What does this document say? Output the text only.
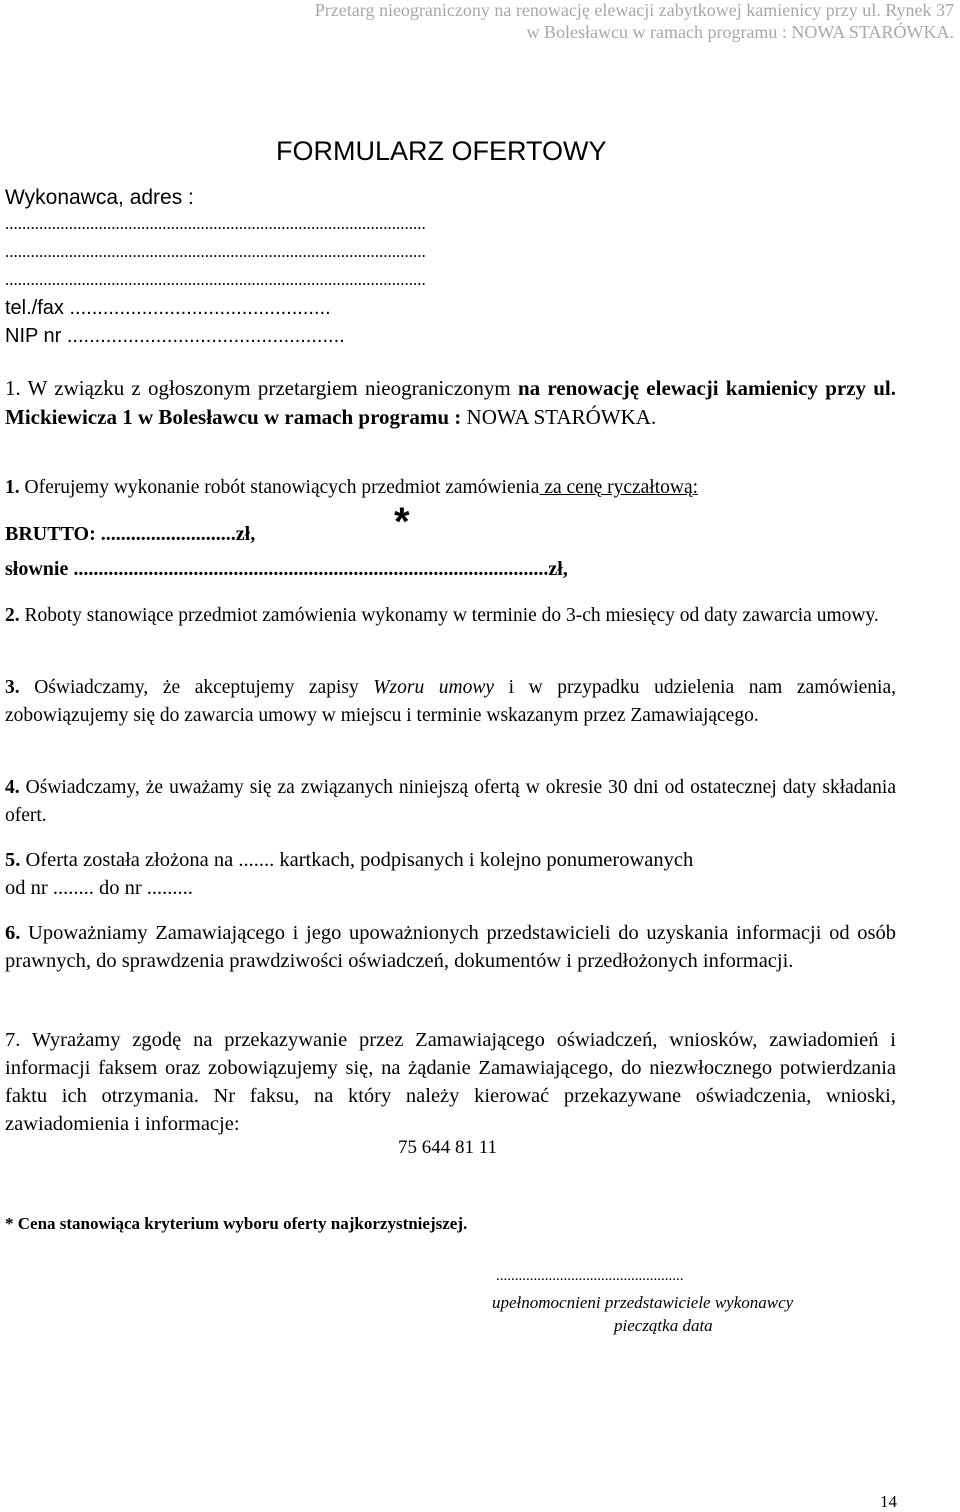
Przetarg nieograniczony na renowację elewacji zabytkowej kamienicy przy ul. Rynek 37
w Bolesławcu w ramach programu : NOWA STARÓWKA.
FORMULARZ OFERTOWY
Wykonawca, adres :
...................................................................................................
...................................................................................................
...................................................................................................
tel./fax ...............................................
NIP nr ..................................................
1. W związku z ogłoszonym przetargiem nieograniczonym na renowację elewacji kamienicy przy ul. Mickiewicza 1 w Bolesławcu w ramach programu : NOWA STARÓWKA.
1. Oferujemy wykonanie robót stanowiących przedmiot zamówienia za cenę ryczałtową:
BRUTTO: ...........................zł,	*
słownie ...............................................................................................zł,
2. Roboty stanowiące przedmiot zamówienia wykonamy w terminie do 3-ch miesięcy od daty zawarcia umowy.
3. Oświadczamy, że akceptujemy zapisy Wzoru umowy i w przypadku udzielenia nam zamówienia, zobowiązujemy się do zawarcia umowy w miejscu i terminie wskazanym przez Zamawiającego.
4. Oświadczamy, że uważamy się za związanych niniejszą ofertą w okresie 30 dni od ostatecznej daty składania ofert.
5. Oferta została złożona na ....... kartkach, podpisanych i kolejno ponumerowanych
od nr ........ do nr .........
6. Upoważniamy Zamawiającego i jego upoważnionych przedstawicieli do uzyskania informacji od osób prawnych, do sprawdzenia prawdziwości oświadczeń, dokumentów i przedłożonych informacji.
7. Wyrażamy zgodę na przekazywanie przez Zamawiającego oświadczeń, wniosków, zawiadomień i informacji faksem oraz zobowiązujemy się, na żądanie Zamawiającego, do niezwłocznego potwierdzania faktu ich otrzymania. Nr faksu, na który należy kierować przekazywane oświadczenia, wnioski, zawiadomienia i informacje:
75 644 81 11
* Cena stanowiąca kryterium wyboru oferty najkorzystniejszej.
..................................................
upełnomocnieni przedstawiciele wykonawcy
pieczątka data
14
